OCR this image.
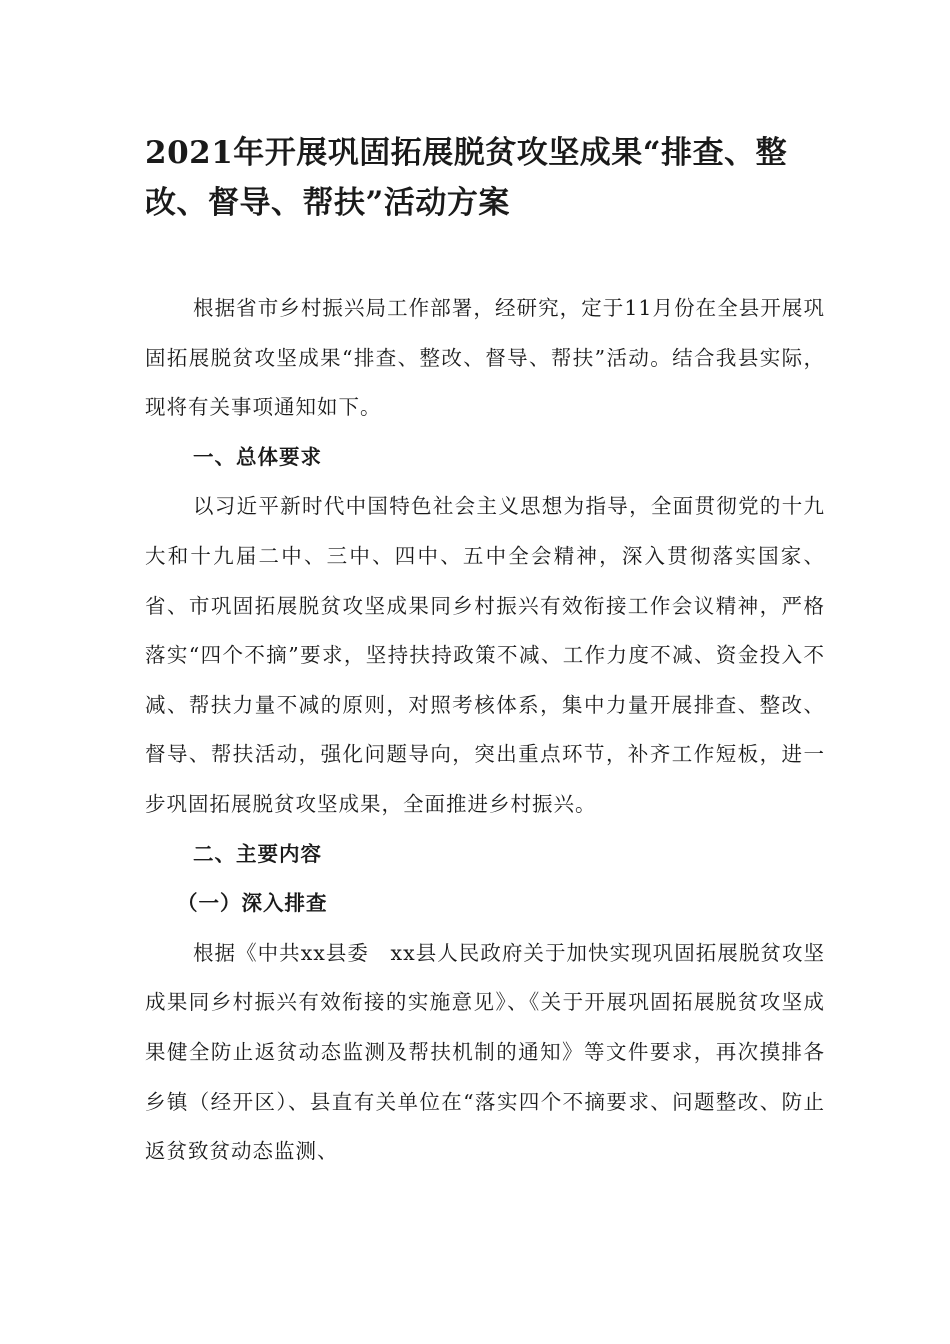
2021年开展巩固拓展脱贫攻坚成果“排查、整改、督导、帮扶”活动方案

根据省市乡村振兴局工作部署，经研究，定于11月份在全县开展巩固拓展脱贫攻坚成果“排查、整改、督导、帮扶”活动。结合我县实际，现将有关事项通知如下。

一、总体要求

以习近平新时代中国特色社会主义思想为指导，全面贯彻党的十九大和十九届二中、三中、四中、五中全会精神，深入贯彻落实国家、省、市巩固拓展脱贫攻坚成果同乡村振兴有效衔接工作会议精神，严格落实“四个不摘”要求，坚持扶持政策不减、工作力度不减、资金投入不减、帮扶力量不减的原则，对照考核体系，集中力量开展排查、整改、督导、帮扶活动，强化问题导向，突出重点环节，补齐工作短板，进一步巩固拓展脱贫攻坚成果，全面推进乡村振兴。

二、主要内容

（一）深入排查

根据《中共xx县委　xx县人民政府关于加快实现巩固拓展脱贫攻坚成果同乡村振兴有效衔接的实施意见》、《关于开展巩固拓展脱贫攻坚成果健全防止返贫动态监测及帮扶机制的通知》等文件要求，再次摸排各乡镇（经开区）、县直有关单位在“落实四个不摘要求、问题整改、防止返贫致贫动态监测、
